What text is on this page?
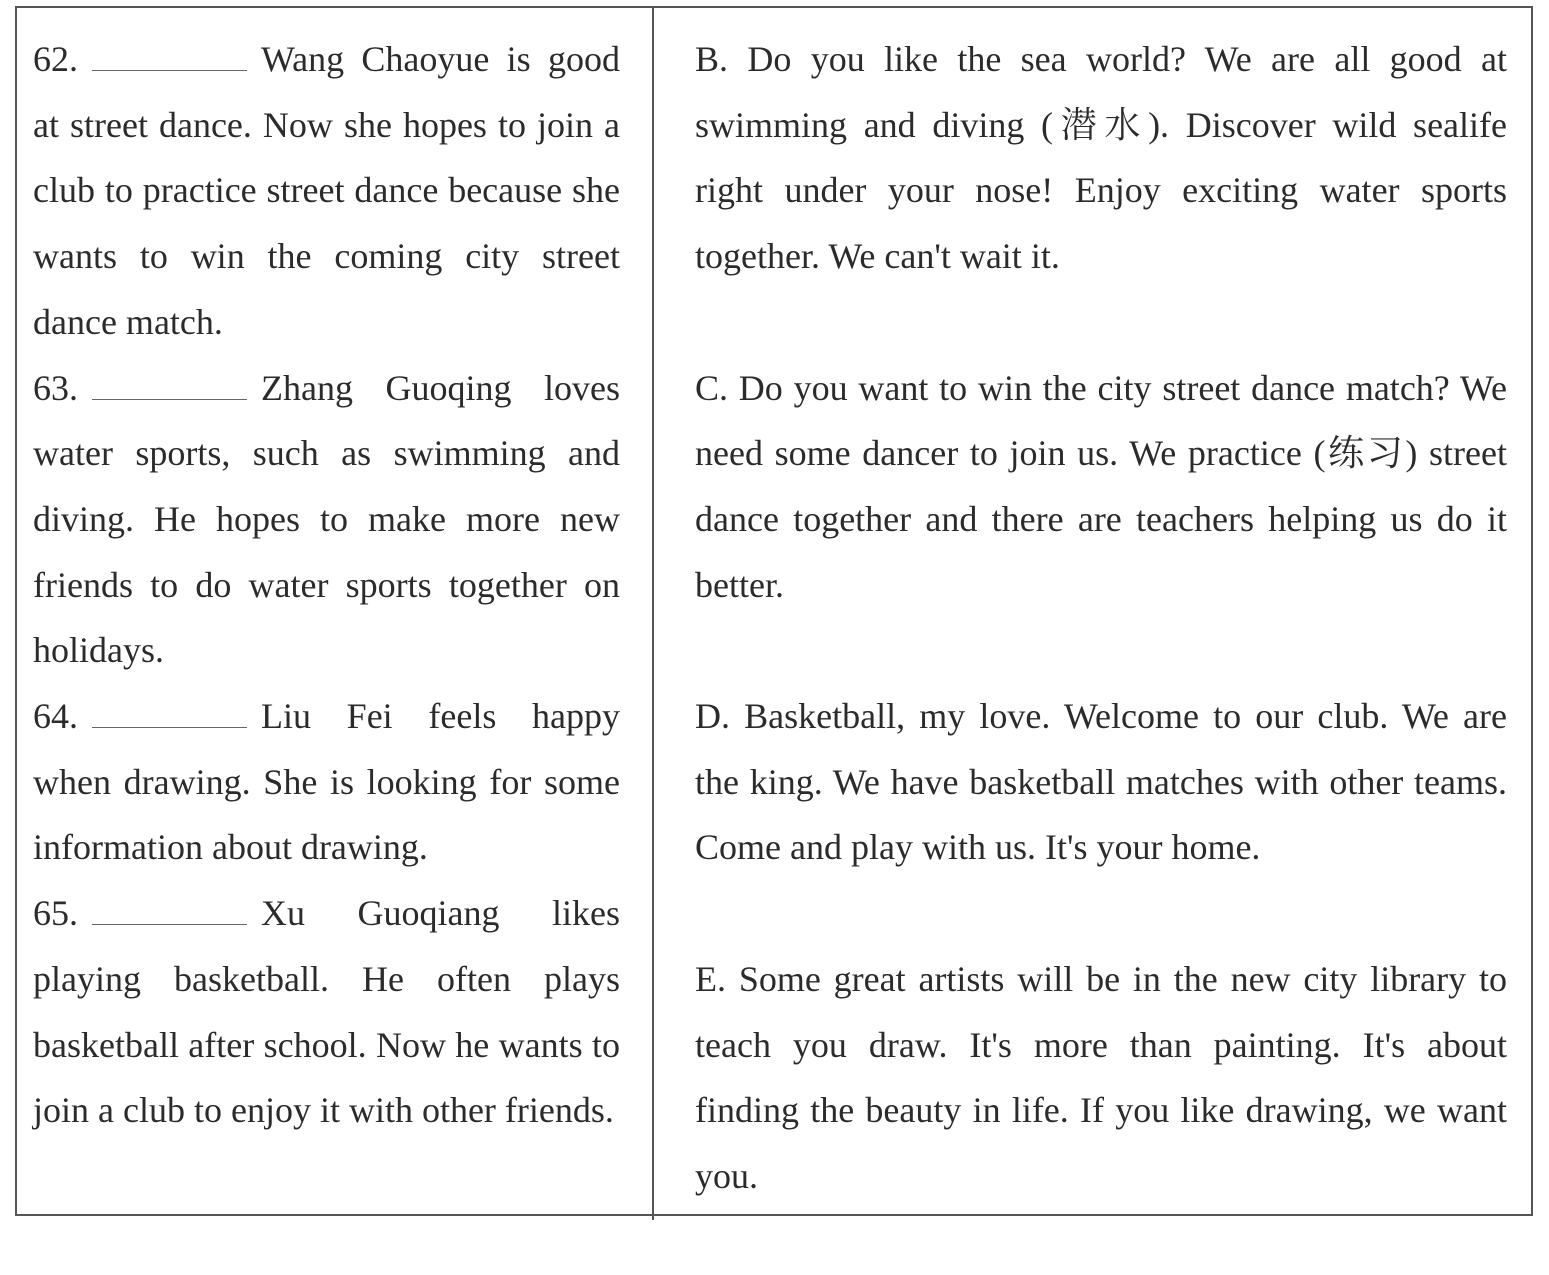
62.	Wang Chaoyue is good at street dance. Now she hopes to join a club to practice street dance because she wants to win the coming city street dance match.

63.	Zhang Guoqing loves water sports, such as swimming and diving. He hopes to make more new friends to do water sports together on holidays.

64.	Liu Fei feels happy when drawing. She is looking for some information about drawing.

65.	Xu Guoqiang likes playing basketball. He often plays basketball after school. Now he wants to join a club to enjoy it with other friends.

B. Do you like the sea world? We are all good at swimming and diving (潜水). Discover wild sealife right under your nose! Enjoy exciting water sports together. We can't wait it.

C. Do you want to win the city street dance match? We need some dancer to join us. We practice (练习) street dance together and there are teachers helping us do it better.

D. Basketball, my love. Welcome to our club. We are the king. We have basketball matches with other teams. Come and play with us. It's your home.

E. Some great artists will be in the new city library to teach you draw. It's more than painting. It's about finding the beauty in life. If you like drawing, we want you.
